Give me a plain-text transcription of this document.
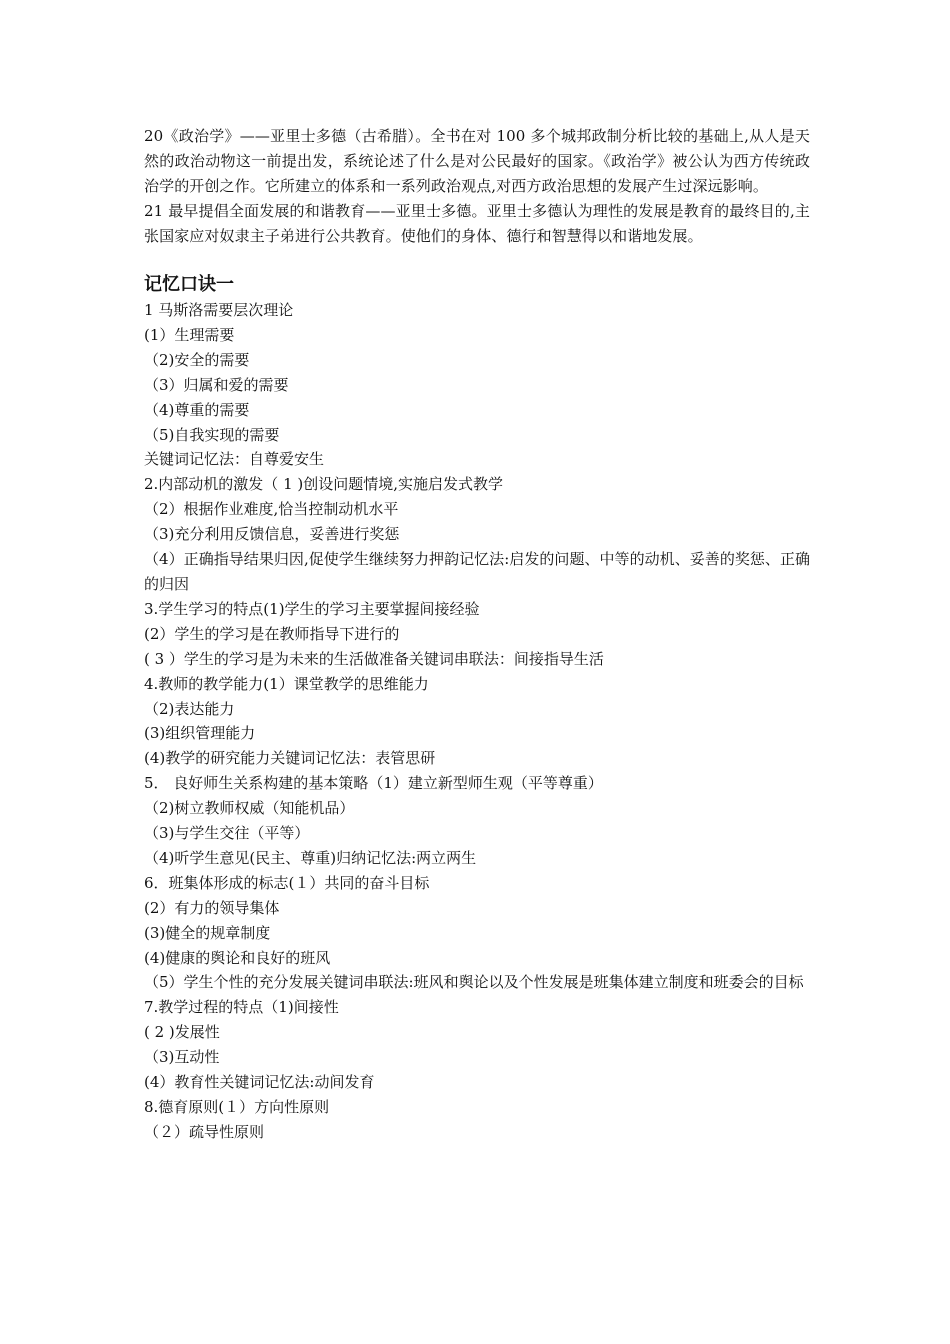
20《政治学》——亚里士多德（古希腊）。全书在对 100 多个城邦政制分析比较的基础上,从人是天然的政治动物这一前提出发，系统论述了什么是对公民最好的国家。《政治学》被公认为西方传统政治学的开创之作。它所建立的体系和一系列政治观点,对西方政治思想的发展产生过深远影响。

21 最早提倡全面发展的和谐教育——亚里士多德。亚里士多德认为理性的发展是教育的最终目的,主张国家应对奴隶主子弟进行公共教育。使他们的身体、德行和智慧得以和谐地发展。

记忆口诀一

1 马斯洛需要层次理论

(1）生理需要

（2)安全的需要

（3）归属和爱的需要

（4)尊重的需要

（5)自我实现的需要

关键词记忆法：自尊爱安生

2.内部动机的激发（ 1 )创设问题情境,实施启发式教学

（2）根据作业难度,恰当控制动机水平

（3)充分利用反馈信息，妥善进行奖惩

（4）正确指导结果归因,促使学生继续努力押韵记忆法:启发的问题、中等的动机、妥善的奖惩、正确的归因

3.学生学习的特点(1)学生的学习主要掌握间接经验

(2）学生的学习是在教师指导下进行的

( 3 ）学生的学习是为未来的生活做准备关键词串联法：间接指导生活

4.教师的教学能力(1）课堂教学的思维能力

（2)表达能力

(3)组织管理能力

(4)教学的研究能力关键词记忆法：表管思研

5． 良好师生关系构建的基本策略（1）建立新型师生观（平等尊重）

（2)树立教师权威（知能机品）

（3)与学生交往（平等）

（4)听学生意见(民主、尊重)归纳记忆法:两立两生

6．班集体形成的标志(１）共同的奋斗目标

(2）有力的领导集体

(3)健全的规章制度

(4)健康的舆论和良好的班风

（5）学生个性的充分发展关键词串联法:班风和舆论以及个性发展是班集体建立制度和班委会的目标

7.教学过程的特点（1)间接性

( 2 )发展性

（3)互动性

(4）教育性关键词记忆法:动间发育

8.德育原则(１）方向性原则

（２）疏导性原则
